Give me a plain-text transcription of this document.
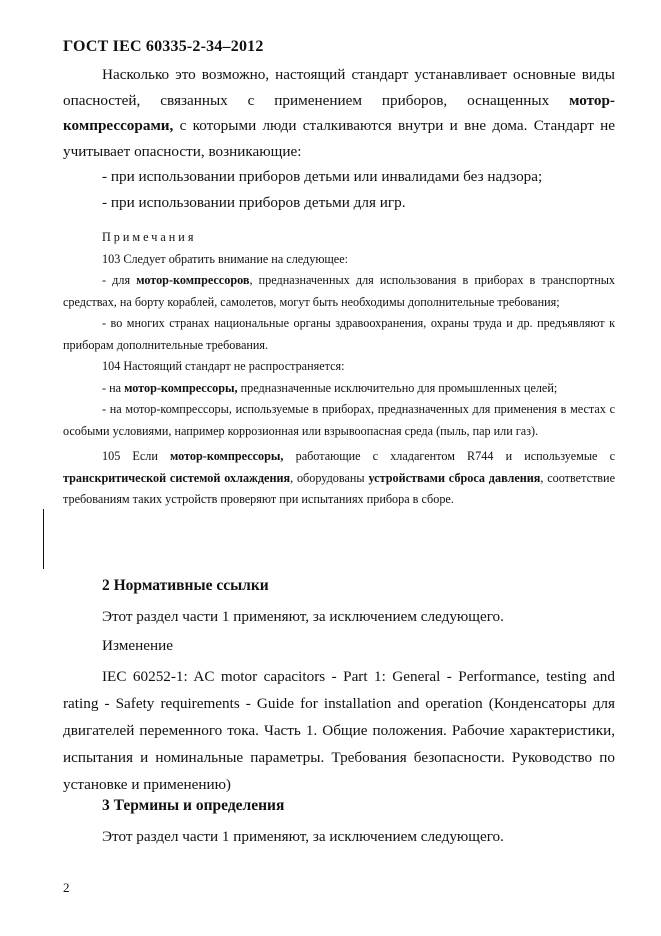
ГОСТ IEC 60335-2-34–2012

Насколько это возможно, настоящий стандарт устанавливает основные виды опасностей, связанных с применением приборов, оснащенных мотор-компрессорами, с которыми люди сталкиваются внутри и вне дома. Стандарт не учитывает опасности, возникающие:

- при использовании приборов детьми или инвалидами без надзора;

- при использовании приборов детьми для игр.

Примечания

103 Следует обратить внимание на следующее:

- для мотор-компрессоров, предназначенных для использования в приборах в транспортных средствах, на борту кораблей, самолетов, могут быть необходимы дополнительные требования;

- во многих странах национальные органы здравоохранения, охраны труда и др. предъявляют к приборам дополнительные требования.

104 Настоящий стандарт не распространяется:

- на мотор-компрессоры, предназначенные исключительно для промышленных целей;

- на мотор-компрессоры, используемые в приборах, предназначенных для применения в местах с особыми условиями, например коррозионная или взрывоопасная среда (пыль, пар или газ).

105 Если мотор-компрессоры, работающие с хладагентом R744 и используемые с транскритической системой охлаждения, оборудованы устройствами сброса давления, соответствие требованиям таких устройств проверяют при испытаниях прибора в сборе.

2 Нормативные ссылки

Этот раздел части 1 применяют, за исключением следующего.

Изменение

IEC 60252-1: AC motor capacitors - Part 1: General - Performance, testing and rating - Safety requirements - Guide for installation and operation (Конденсаторы для двигателей переменного тока. Часть 1. Общие положения. Рабочие характеристики, испытания и номинальные параметры. Требования безопасности. Руководство по установке и применению)

3 Термины и определения

Этот раздел части 1 применяют, за исключением следующего.

2
